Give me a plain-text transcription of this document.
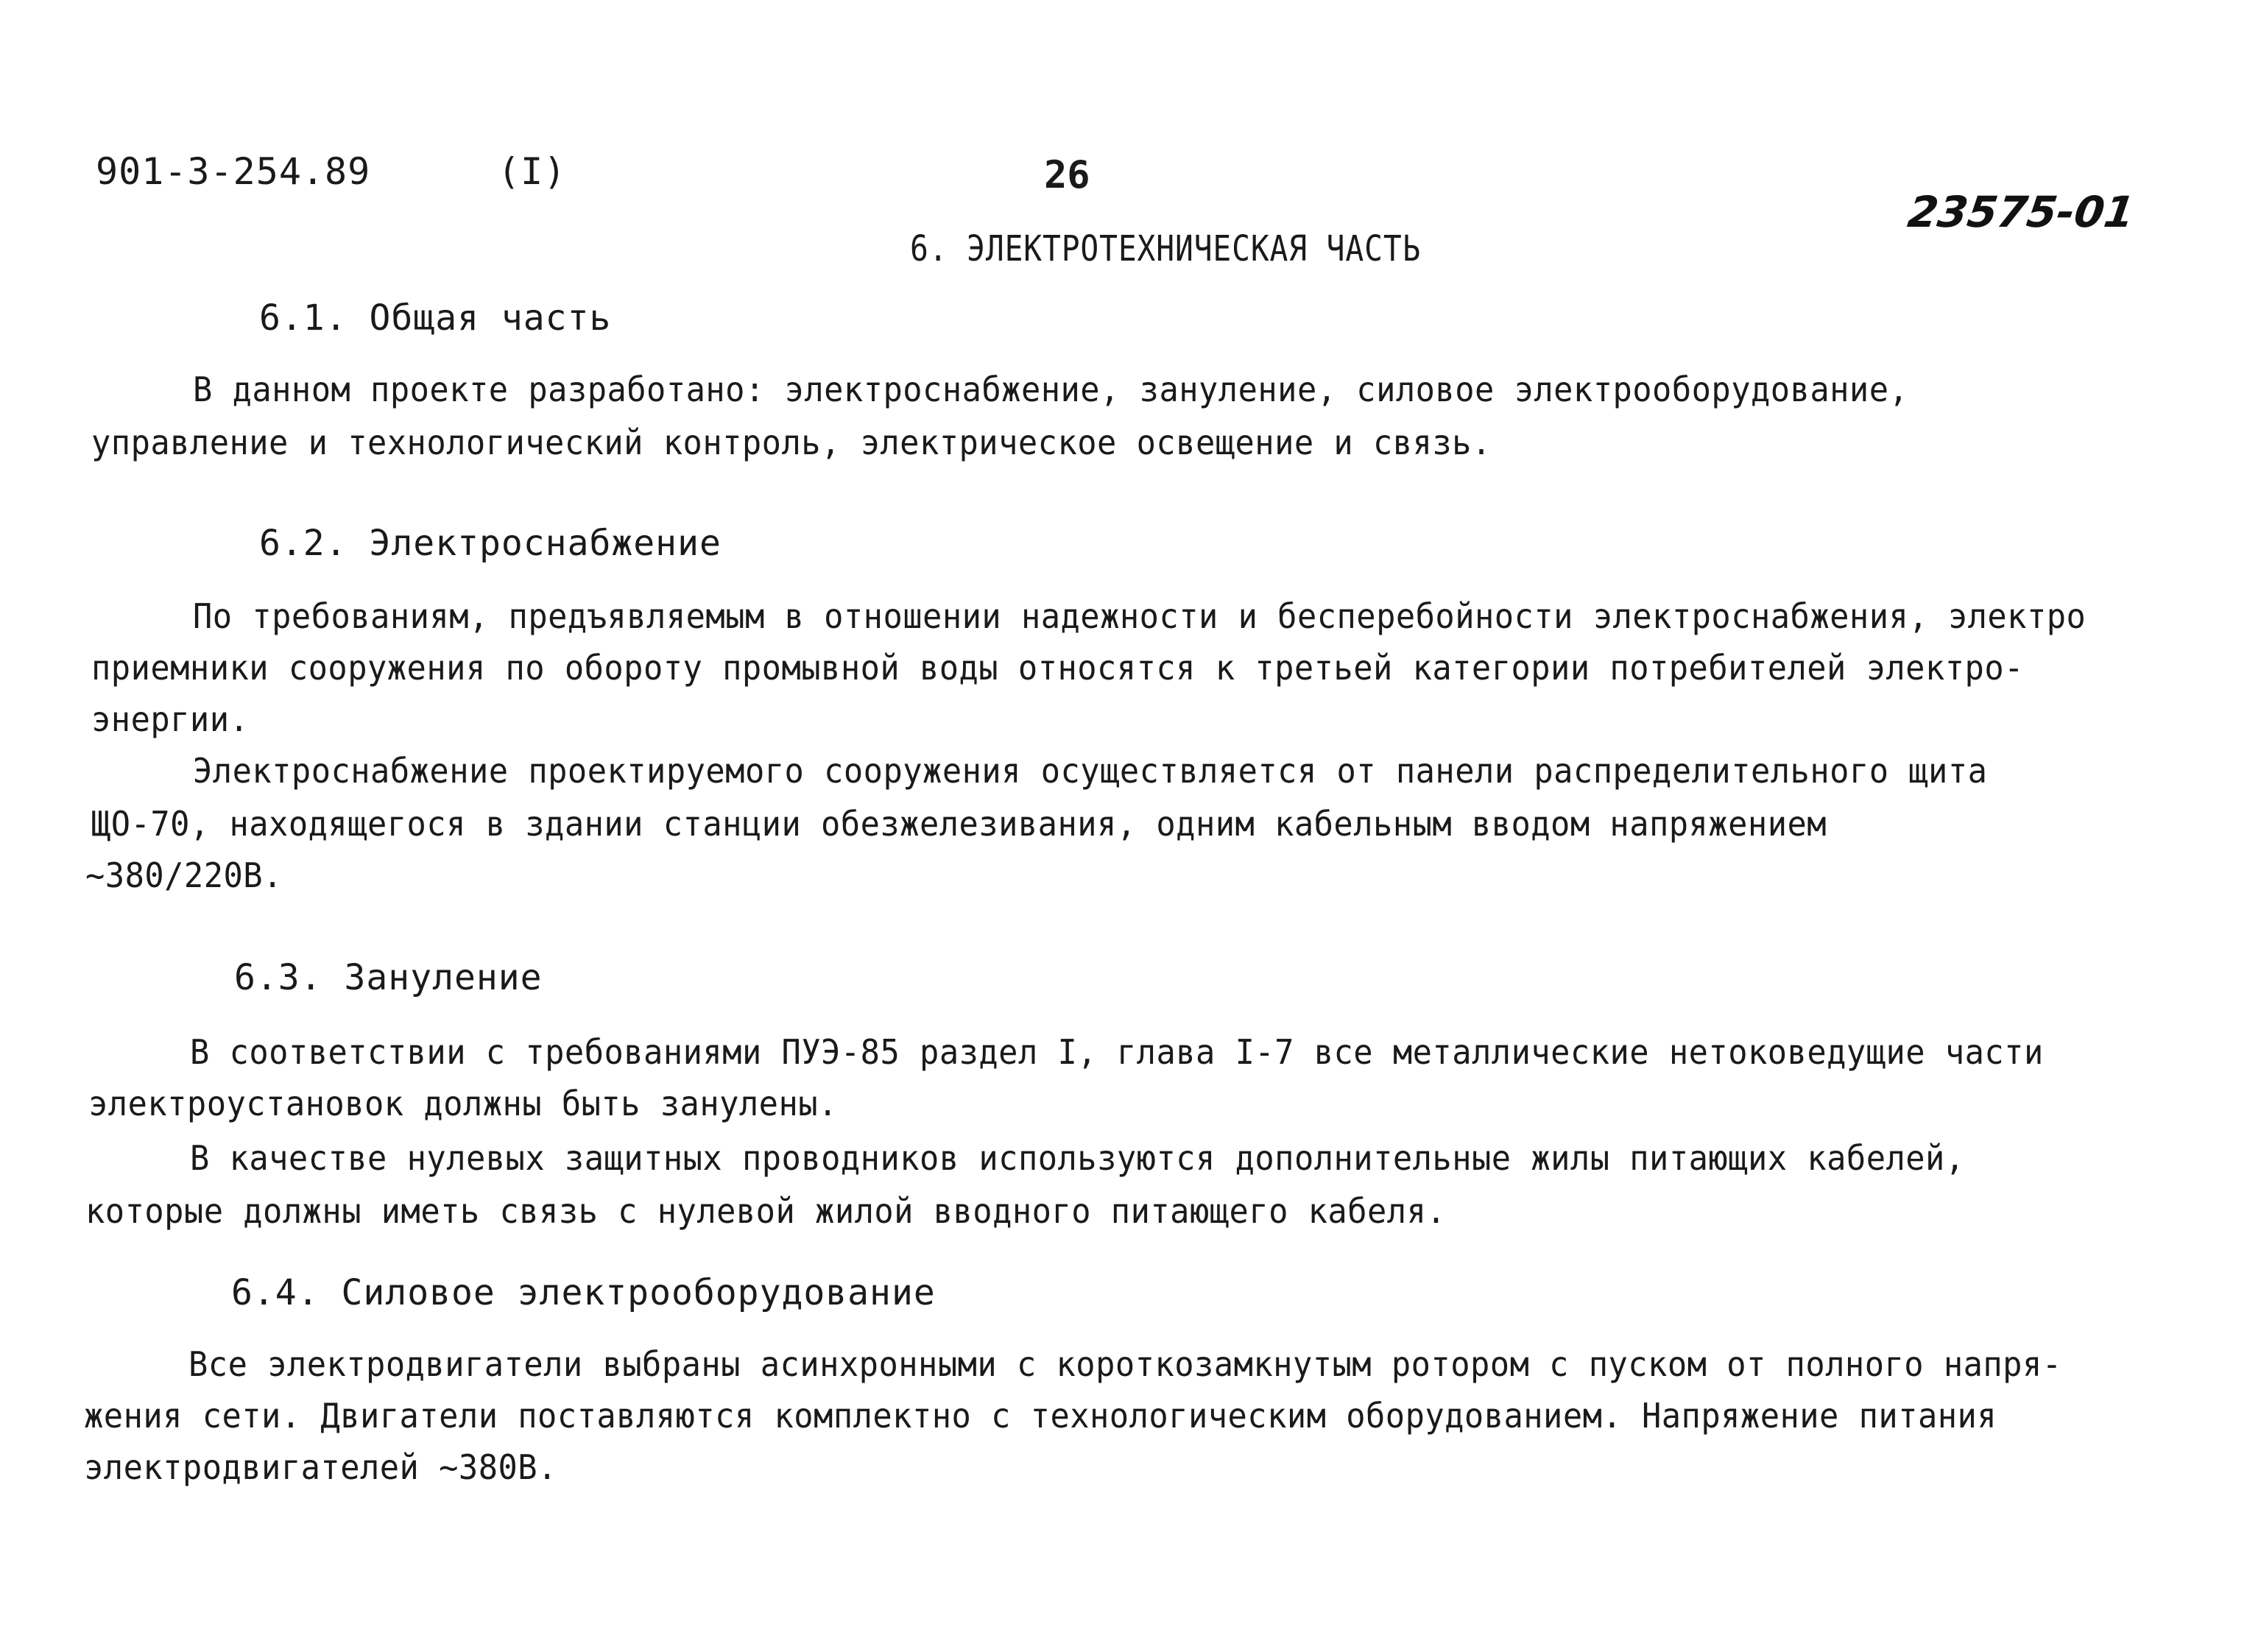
901-3-254.89	(I)	26
23575-01
6. ЭЛЕКТРОТЕХНИЧЕСКАЯ ЧАСТЬ
6.1. Общая часть
В данном проекте разработано: электроснабжение, зануление, силовое электрооборудование,
управление и технологический контроль, электрическое освещение и связь.
6.2. Электроснабжение
По требованиям, предъявляемым в отношении надежности и бесперебойности электроснабжения, электро
приемники сооружения по обороту промывной воды относятся к третьей категории потребителей электро-
энергии.
Электроснабжение проектируемого сооружения осуществляется от панели распределительного щита
ЩО-70, находящегося в здании станции обезжелезивания, одним кабельным вводом напряжением
~380/220В.
6.3. Зануление
В соответствии с требованиями ПУЭ-85 раздел I, глава I-7 все металлические нетоковедущие части
электроустановок должны быть занулены.
В качестве нулевых защитных проводников используются дополнительные жилы питающих кабелей,
которые должны иметь связь с нулевой жилой вводного питающего кабеля.
6.4. Силовое электрооборудование
Все электродвигатели выбраны асинхронными с короткозамкнутым ротором с пуском от полного напря-
жения сети. Двигатели поставляются комплектно с технологическим оборудованием. Напряжение питания
электродвигателей ~380В.
